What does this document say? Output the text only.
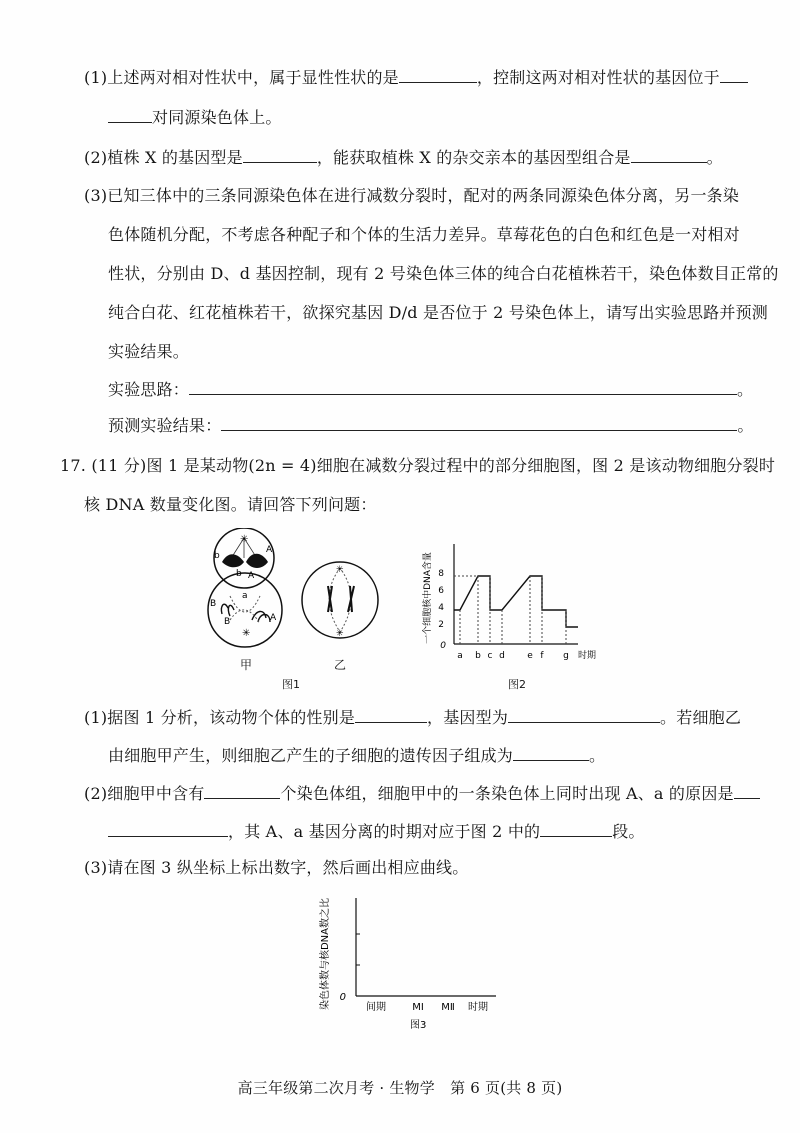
(1)上述两对相对性状中，属于显性性状的是	，控制这两对相对性状的基因位于
对同源染色体上。
(2)植株 X 的基因型是	，能获取植株 X 的杂交亲本的基因型组合是	。
(3)已知三体中的三条同源染色体在进行减数分裂时，配对的两条同源染色体分离，另一条染
色体随机分配，不考虑各种配子和个体的生活力差异。草莓花色的白色和红色是一对相对
性状，分别由 D、d 基因控制，现有 2 号染色体三体的纯合白花植株若干，染色体数目正常的
纯合白花、红花植株若干，欲探究基因 D/d 是否位于 2 号染色体上，请写出实验思路并预测
实验结果。
实验思路：	。
预测实验结果：	。
17. (11 分)图 1 是某动物(2n = 4)细胞在减数分裂过程中的部分细胞图，图 2 是该动物细胞分裂时
核 DNA 数量变化图。请回答下列问题：
✳
✳
b
A
b A
B
a
B	A
✳
✳
甲	乙
图1
一个细胞核中DNA含量 8
6
4
2
0
a b c d e f g 时期
图2
(1)据图 1 分析，该动物个体的性别是	，基因型为	。若细胞乙
由细胞甲产生，则细胞乙产生的子细胞的遗传因子组成为	。
(2)细胞甲中含有	个染色体组，细胞甲中的一条染色体上同时出现 A、a 的原因是
，其 A、a 基因分离的时期对应于图 2 中的	段。
(3)请在图 3 纵坐标上标出数字，然后画出相应曲线。
染色体数与核DNA数之比 0
间期	MⅠ MⅡ 时期
图3
高三年级第二次月考 · 生物学　第 6 页(共 8 页)
